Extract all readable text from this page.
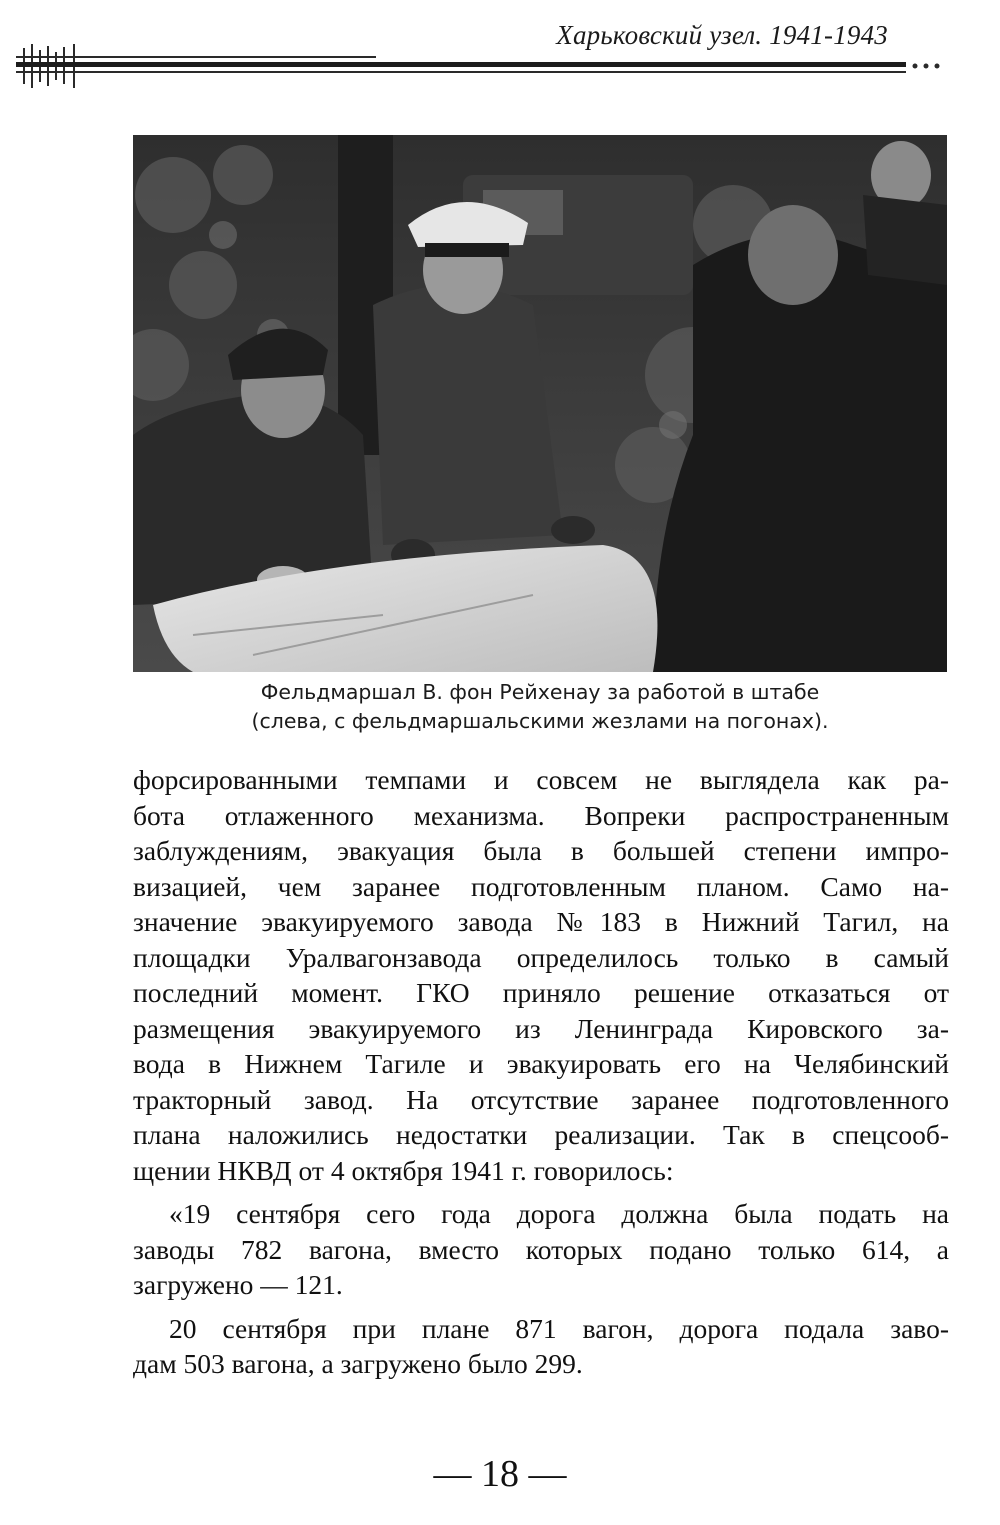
Харьковский узел. 1941-1943
Фельдмаршал В. фон Рейхенау за работой в штабе
(слева, с фельдмаршальскими жезлами на погонах).
форсированными темпами и совсем не выглядела как ра-
бота отлаженного механизма. Вопреки распространенным
заблуждениям, эвакуация была в большей степени импро-
визацией, чем заранее подготовленным планом. Само на-
значение эвакуируемого завода №183 в Нижний Тагил, на
площадки Уралвагонзавода определилось только в самый
последний момент. ГКО приняло решение отказаться от
размещения эвакуируемого из Ленинграда Кировского за-
вода в Нижнем Тагиле и эвакуировать его на Челябинский
тракторный завод. На отсутствие заранее подготовленного
плана наложились недостатки реализации. Так в спецсооб-
щении НКВД от 4 октября 1941 г. говорилось:
«19 сентября сего года дорога должна была подать на
заводы 782 вагона, вместо которых подано только 614, а
загружено — 121.
20 сентября при плане 871 вагон, дорога подала заво-
дам 503 вагона, а загружено было 299.
— 18 —
